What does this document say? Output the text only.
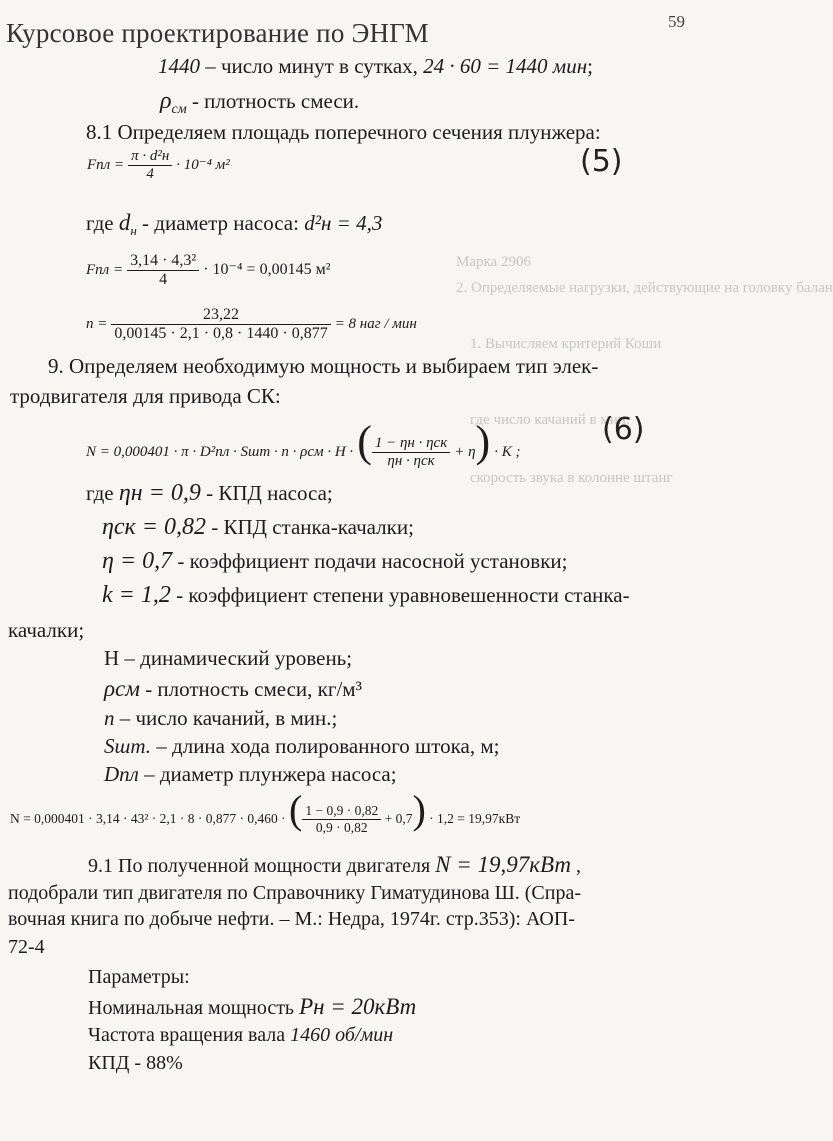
Марка 2906
2. Определяемые нагрузки, действующие на головку балан
1. Вычисляем критерий Коши
где число качаний в мин.
скорость звука в колонне штанг
Курсовое проектирование по ЭНГМ	59
1440 – число минут в сутках, 24 · 60 = 1440 мин;
$\rho_{см}$ - плотность смеси.
8.1 Определяем площадь поперечного сечения плунжера:
Fпл = $\frac{\text{π · d²н}}{4} \cdot 10^{-4}$ м²	(5)
где $d_н$ - диаметр насоса: d²н = 4,3
Fпл = $\frac{\text{3,14 · 4,3²}}{4} \cdot 10^{-4} = 0,00145$ м²
$n = \frac{23,22}{0,00145 \cdot 2,1 \cdot 0,8 \cdot 1440 \cdot 0,877} = 8$ наг / мин
9. Определяем необходимую мощность и выбираем тип элек-
тродвигателя для привода СК:
N = 0,000401 · π · D²пл · Sшт · n · ρсм · H · ( $\frac{\text{1 − ηн · ηск}}{\text{ηн · ηск}} + \eta) \cdot K$ ;
(6)
где ηн = 0,9 - КПД насоса;
ηск = 0,82 - КПД станка-качалки;
η = 0,7 - коэффициент подачи насосной установки;
k = 1,2 - коэффициент степени уравновешенности станка-
качалки;
H – динамический уровень;
ρсм - плотность смеси, кг/м³
n – число качаний, в мин.;
Sшт. – длина хода полированного штока, м;
Dпл – диаметр плунжера насоса;
N = 0,000401 · 3,14 · 43² · 2,1 · 8 · 0,877 · 0,460 · ( $\frac{1 - 0,9 \cdot 0,82}{0,9 \cdot 0,82} + 0,7) \cdot 1,2 = 19,97кВт$
9.1 По полученной мощности двигателя N = 19,97кВт ,
подобрали тип двигателя по Справочнику Гиматудинова Ш. (Спра-
вочная книга по добыче нефти. – М.: Недра, 1974г. стр.353): АОП-
72-4
Параметры:
Номинальная мощность Pн = 20кВт
Частота вращения вала 1460 об/мин
КПД - 88%
